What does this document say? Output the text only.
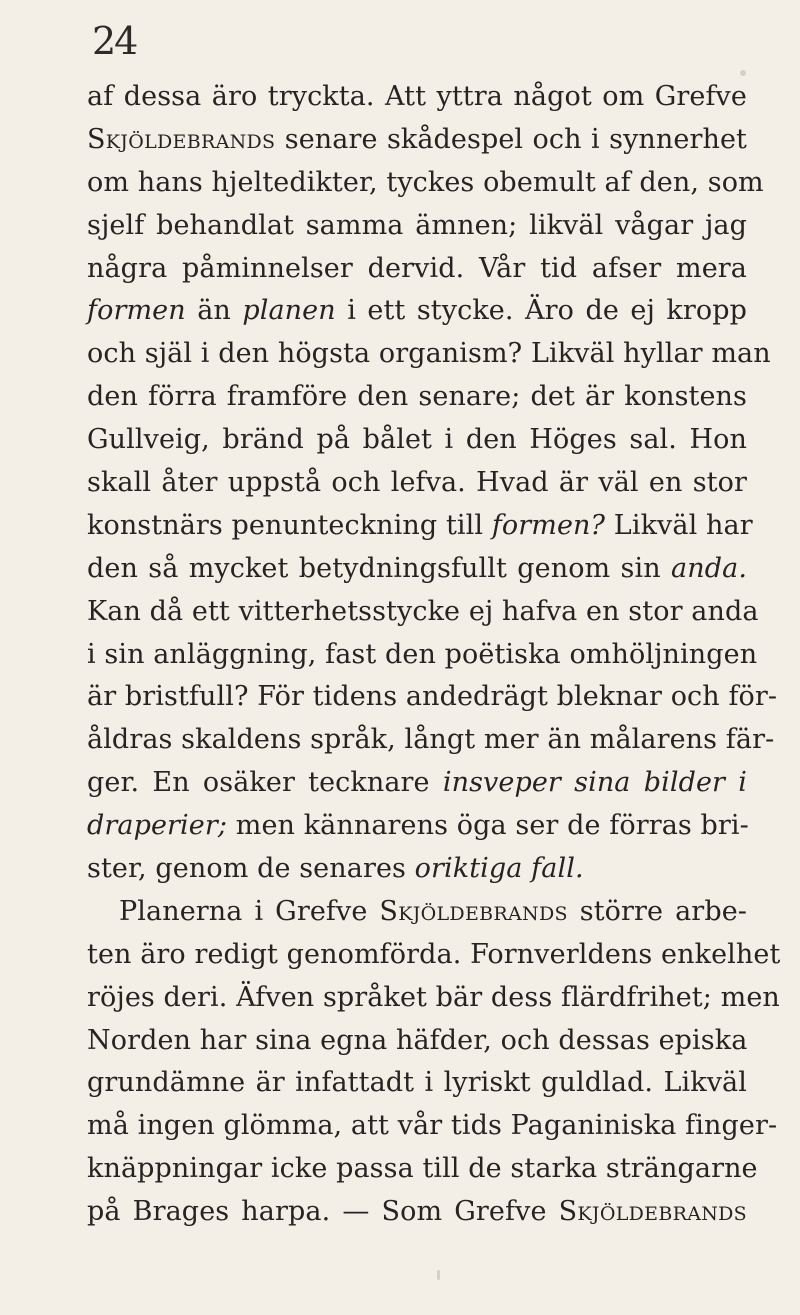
24
af dessa äro tryckta. Att yttra något om Grefve
Skjöldebrands senare skådespel och i synnerhet
om hans hjeltedikter, tyckes obemult af den, som
sjelf behandlat samma ämnen; likväl vågar jag
några påminnelser dervid. Vår tid afser mera
formen än planen i ett stycke. Äro de ej kropp
och själ i den högsta organism? Likväl hyllar man
den förra framföre den senare; det är konstens
Gullveig, bränd på bålet i den Höges sal. Hon
skall åter uppstå och lefva. Hvad är väl en stor
konstnärs penunteckning till formen? Likväl har
den så mycket betydningsfullt genom sin anda.
Kan då ett vitterhetsstycke ej hafva en stor anda
i sin anläggning, fast den poëtiska omhöljningen
är bristfull? För tidens andedrägt bleknar och för-
åldras skaldens språk, långt mer än målarens fär-
ger. En osäker tecknare insveper sina bilder i
draperier; men kännarens öga ser de förras bri-
ster, genom de senares oriktiga fall.
Planerna i Grefve Skjöldebrands större arbe-
ten äro redigt genomförda. Fornverldens enkelhet
röjes deri. Äfven språket bär dess flärdfrihet; men
Norden har sina egna häfder, och dessas episka
grundämne är infattadt i lyriskt guldlad. Likväl
må ingen glömma, att vår tids Paganiniska finger-
knäppningar icke passa till de starka strängarne
på Brages harpa. — Som Grefve Skjöldebrands
